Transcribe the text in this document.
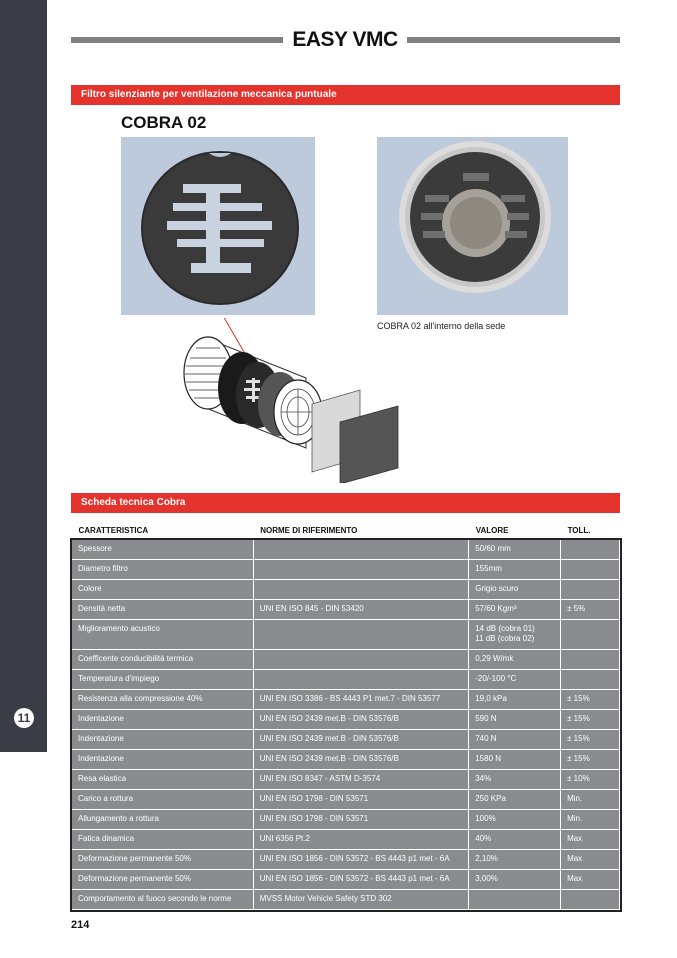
11
EASY VMC
Filtro silenziante per ventilazione meccanica puntuale
COBRA 02
COBRA 02 all'interno della sede
Scheda tecnica Cobra
CARATTERISTICA	NORME DI RIFERIMENTO	VALORE	TOLL.
Spessore		50/60 mm	
Diametro filtro		155mm	
Colore		Grigio scuro	
Densità netta	UNI EN ISO 845 - DIN 53420	57/60 Kgm³	± 5%
Miglioramento acustico		14 dB (cobra 01)
11 dB (cobra 02)	
Coefficente conducibilità termica		0,29 W/mk	
Temperatura d'impiego		-20/-100 °C	
Resistenza alla compressione 40%	UNI EN ISO 3386 - BS 4443 P1 met.7 - DIN 53577	19,0 kPa	± 15%
Indentazione	UNI EN ISO 2439 met.B - DIN 53576/B	590 N	± 15%
Indentazione	UNI EN ISO 2439 met.B - DIN 53576/B	740 N	± 15%
Indentazione	UNI EN ISO 2439 met.B - DIN 53576/B	1580 N	± 15%
Resa elastica	UNI EN ISO 8347 - ASTM D-3574	34%	± 10%
Carico a rottura	UNI EN ISO 1798 - DIN 53571	250 KPa	Min.
Allungamento a rottura	UNI EN ISO 1798 - DIN 53571	100%	Min.
Fatica dinamica	UNI 6356 Pt.2	40%	Max
Deformazione permanente 50%	UNI EN ISO 1856 - DIN 53572 - BS 4443 p1 met - 6A	2,10%	Max
Deformazione permanente 50%	UNI EN ISO 1856 - DIN 53572 - BS 4443 p1 met - 6A	3,00%	Max
Comportamento al fuoco secondo le norme	MVSS Motor Vehicle Safety STD 302		
214
